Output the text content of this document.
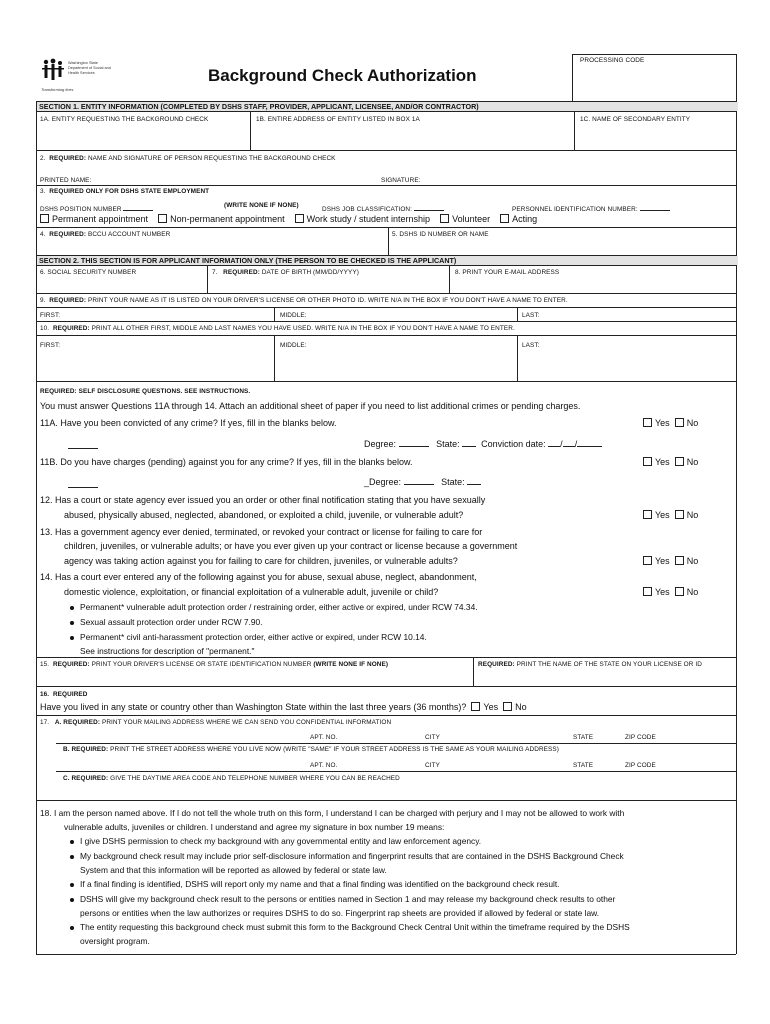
Washington State Department of Social and Health Services
Transforming lives
Background Check Authorization
PROCESSING CODE
SECTION 1. ENTITY INFORMATION (COMPLETED BY DSHS STAFF, PROVIDER, APPLICANT, LICENSEE, AND/OR CONTRACTOR)
1A. ENTITY REQUESTING THE BACKGROUND CHECK	1B. ENTIRE ADDRESS OF ENTITY LISTED IN BOX 1A	1C. NAME OF SECONDARY ENTITY
2. REQUIRED: NAME AND SIGNATURE OF PERSON REQUESTING THE BACKGROUND CHECK
PRINTED NAME:	SIGNATURE:
3. REQUIRED ONLY FOR DSHS STATE EMPLOYMENT
DSHS POSITION NUMBER
(WRITE NONE IF NONE)
DSHS JOB CLASSIFICATION:	PERSONNEL IDENTIFICATION NUMBER:
Permanent appointment Non-permanent appointment Work study / student internship Volunteer Acting
4. REQUIRED: BCCU ACCOUNT NUMBER	5. DSHS ID NUMBER OR NAME
SECTION 2. THIS SECTION IS FOR APPLICANT INFORMATION ONLY (THE PERSON TO BE CHECKED IS THE APPLICANT)
6. SOCIAL SECURITY NUMBER	7. REQUIRED: DATE OF BIRTH (MM/DD/YYYY)	8. PRINT YOUR E-MAIL ADDRESS
9. REQUIRED: PRINT YOUR NAME AS IT IS LISTED ON YOUR DRIVER'S LICENSE OR OTHER PHOTO ID. WRITE N/A IN THE BOX IF YOU DON'T HAVE A NAME TO ENTER.
FIRST:	MIDDLE:	LAST:
10. REQUIRED: PRINT ALL OTHER FIRST, MIDDLE AND LAST NAMES YOU HAVE USED. WRITE N/A IN THE BOX IF YOU DON'T HAVE A NAME TO ENTER.
FIRST:	MIDDLE:	LAST:
REQUIRED: SELF DISCLOSURE QUESTIONS. SEE INSTRUCTIONS.
You must answer Questions 11A through 14. Attach an additional sheet of paper if you need to list additional crimes or pending charges.
11A. Have you been convicted of any crime? If yes, fill in the blanks below.	Yes No
Degree:	State: Conviction date: / /
11B. Do you have charges (pending) against you for any crime? If yes, fill in the blanks below.	Yes No
_Degree:	State:
12. Has a court or state agency ever issued you an order or other final notification stating that you have sexually
abused, physically abused, neglected, abandoned, or exploited a child, juvenile, or vulnerable adult?	Yes No
13. Has a government agency ever denied, terminated, or revoked your contract or license for failing to care for
children, juveniles, or vulnerable adults; or have you ever given up your contract or license because a government
agency was taking action against you for failing to care for children, juveniles, or vulnerable adults?	Yes No
14. Has a court ever entered any of the following against you for abuse, sexual abuse, neglect, abandonment,
domestic violence, exploitation, or financial exploitation of a vulnerable adult, juvenile or child?	Yes No
Permanent* vulnerable adult protection order / restraining order, either active or expired, under RCW 74.34.
Sexual assault protection order under RCW 7.90.
Permanent* civil anti-harassment protection order, either active or expired, under RCW 10.14.
See instructions for description of "permanent."
15. REQUIRED: PRINT YOUR DRIVER'S LICENSE OR STATE IDENTIFICATION NUMBER (WRITE NONE IF NONE)	REQUIRED: PRINT THE NAME OF THE STATE ON YOUR LICENSE OR ID
16. REQUIRED
Have you lived in any state or country other than Washington State within the last three years (36 months)? Yes No
17. A. REQUIRED: PRINT YOUR MAILING ADDRESS WHERE WE CAN SEND YOU CONFIDENTIAL INFORMATION
APT. NO.	CITY	STATE	ZIP CODE
B. REQUIRED: PRINT THE STREET ADDRESS WHERE YOU LIVE NOW (WRITE "SAME" IF YOUR STREET ADDRESS IS THE SAME AS YOUR MAILING ADDRESS)
APT. NO.	CITY	STATE	ZIP CODE
C. REQUIRED: GIVE THE DAYTIME AREA CODE AND TELEPHONE NUMBER WHERE YOU CAN BE REACHED
18. I am the person named above. If I do not tell the whole truth on this form, I understand I can be charged with perjury and I may not be allowed to work with
vulnerable adults, juveniles or children. I understand and agree my signature in box number 19 means:
I give DSHS permission to check my background with any governmental entity and law enforcement agency.
My background check result may include prior self-disclosure information and fingerprint results that are contained in the DSHS Background Check
System and that this information will be reported as allowed by federal or state law.
If a final finding is identified, DSHS will report only my name and that a final finding was identified on the background check result.
DSHS will give my background check result to the persons or entities named in Section 1 and may release my background check results to other
persons or entities when the law authorizes or requires DSHS to do so. Fingerprint rap sheets are provided if allowed by federal or state law.
The entity requesting this background check must submit this form to the Background Check Central Unit within the timeframe required by the DSHS
oversight program.
